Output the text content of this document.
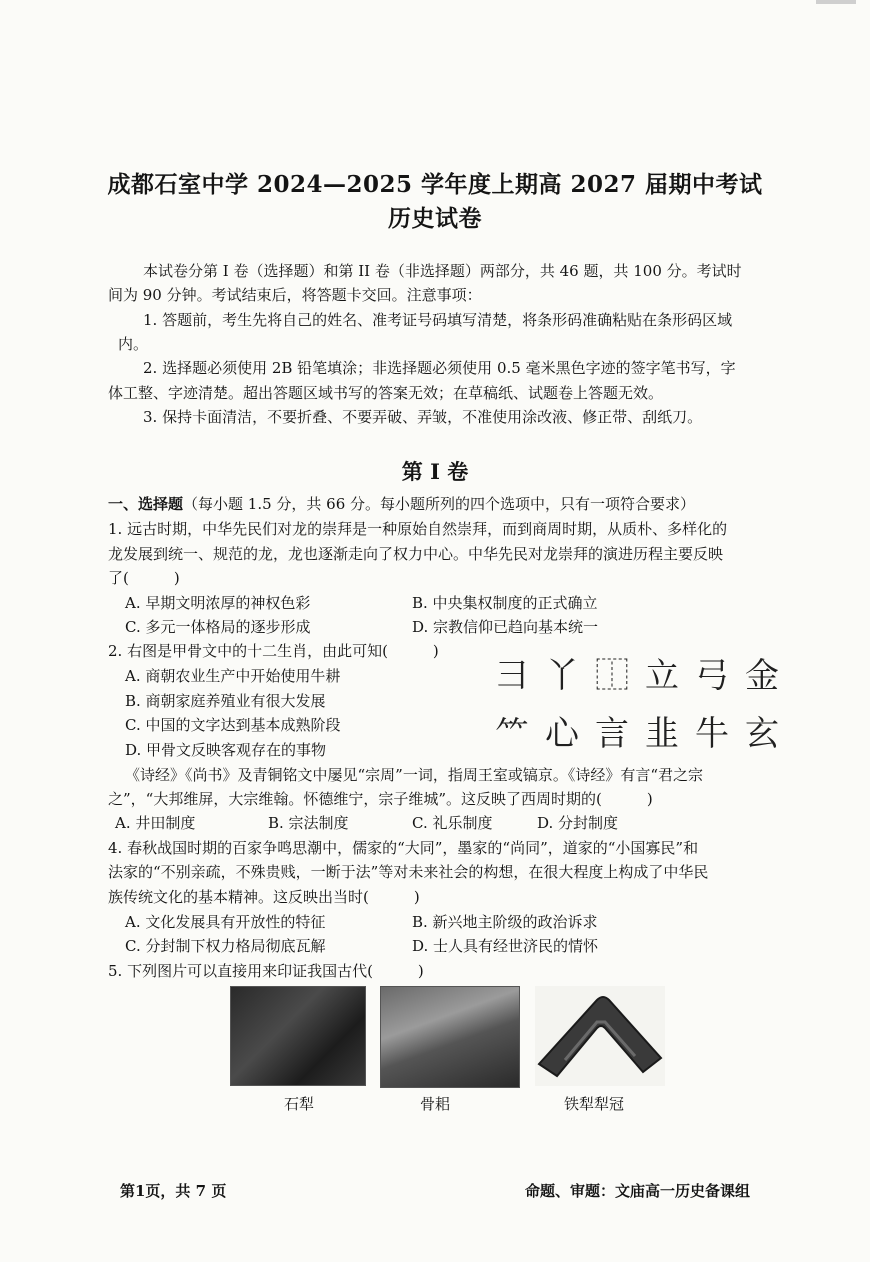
成都石室中学 2024—2025 学年度上期高 2027 届期中考试
历史试卷
本试卷分第 I 卷（选择题）和第 II 卷（非选择题）两部分，共 46 题，共 100 分。考试时
间为 90 分钟。考试结束后，将答题卡交回。注意事项：
1. 答题前，考生先将自己的姓名、准考证号码填写清楚，将条形码准确粘贴在条形码区域
内。
2. 选择题必须使用 2B 铅笔填涂；非选择题必须使用 0.5 毫米黑色字迹的签字笔书写，字
体工整、字迹清楚。超出答题区域书写的答案无效；在草稿纸、试题卷上答题无效。
3. 保持卡面清洁，不要折叠、不要弄破、弄皱，不准使用涂改液、修正带、刮纸刀。
第 I 卷
一、选择题（每小题 1.5 分，共 66 分。每小题所列的四个选项中，只有一项符合要求）
1. 远古时期，中华先民们对龙的崇拜是一种原始自然崇拜，而到商周时期，从质朴、多样化的
龙发展到统一、规范的龙，龙也逐渐走向了权力中心。中华先民对龙崇拜的演进历程主要反映
了(　　　)
A. 早期文明浓厚的神权色彩	B. 中央集权制度的正式确立
C. 多元一体格局的逐步形成	D. 宗教信仰已趋向基本统一
2. 右图是甲骨文中的十二生肖，由此可知(　　　)
A. 商朝农业生产中开始使用牛耕
B. 商朝家庭养殖业有很大发展
C. 中国的文字达到基本成熟阶段
D. 甲骨文反映客观存在的事物
⺕ 丫 ⿰ ⽴ ⼸ ⾦
⺮ ⼼ ⾔ ⾲ ⽜ ⽞
《诗经》《尚书》及青铜铭文中屡见“宗周”一词，指周王室或镐京。《诗经》有言“君之宗
之”，“大邦维屏，大宗维翰。怀德维宁，宗子维城”。这反映了西周时期的(　　　)
A. 井田制度	B. 宗法制度	C. 礼乐制度	D. 分封制度
4. 春秋战国时期的百家争鸣思潮中，儒家的“大同”，墨家的“尚同”，道家的“小国寡民”和
法家的“不别亲疏，不殊贵贱，一断于法”等对未来社会的构想，在很大程度上构成了中华民
族传统文化的基本精神。这反映出当时(　　　)
A. 文化发展具有开放性的特征	B. 新兴地主阶级的政治诉求
C. 分封制下权力格局彻底瓦解	D. 士人具有经世济民的情怀
5. 下列图片可以直接用来印证我国古代(　　　)
石犁	骨耜	铁犁犁冠
第1页，共 7 页	命题、审题：文庙高一历史备课组
